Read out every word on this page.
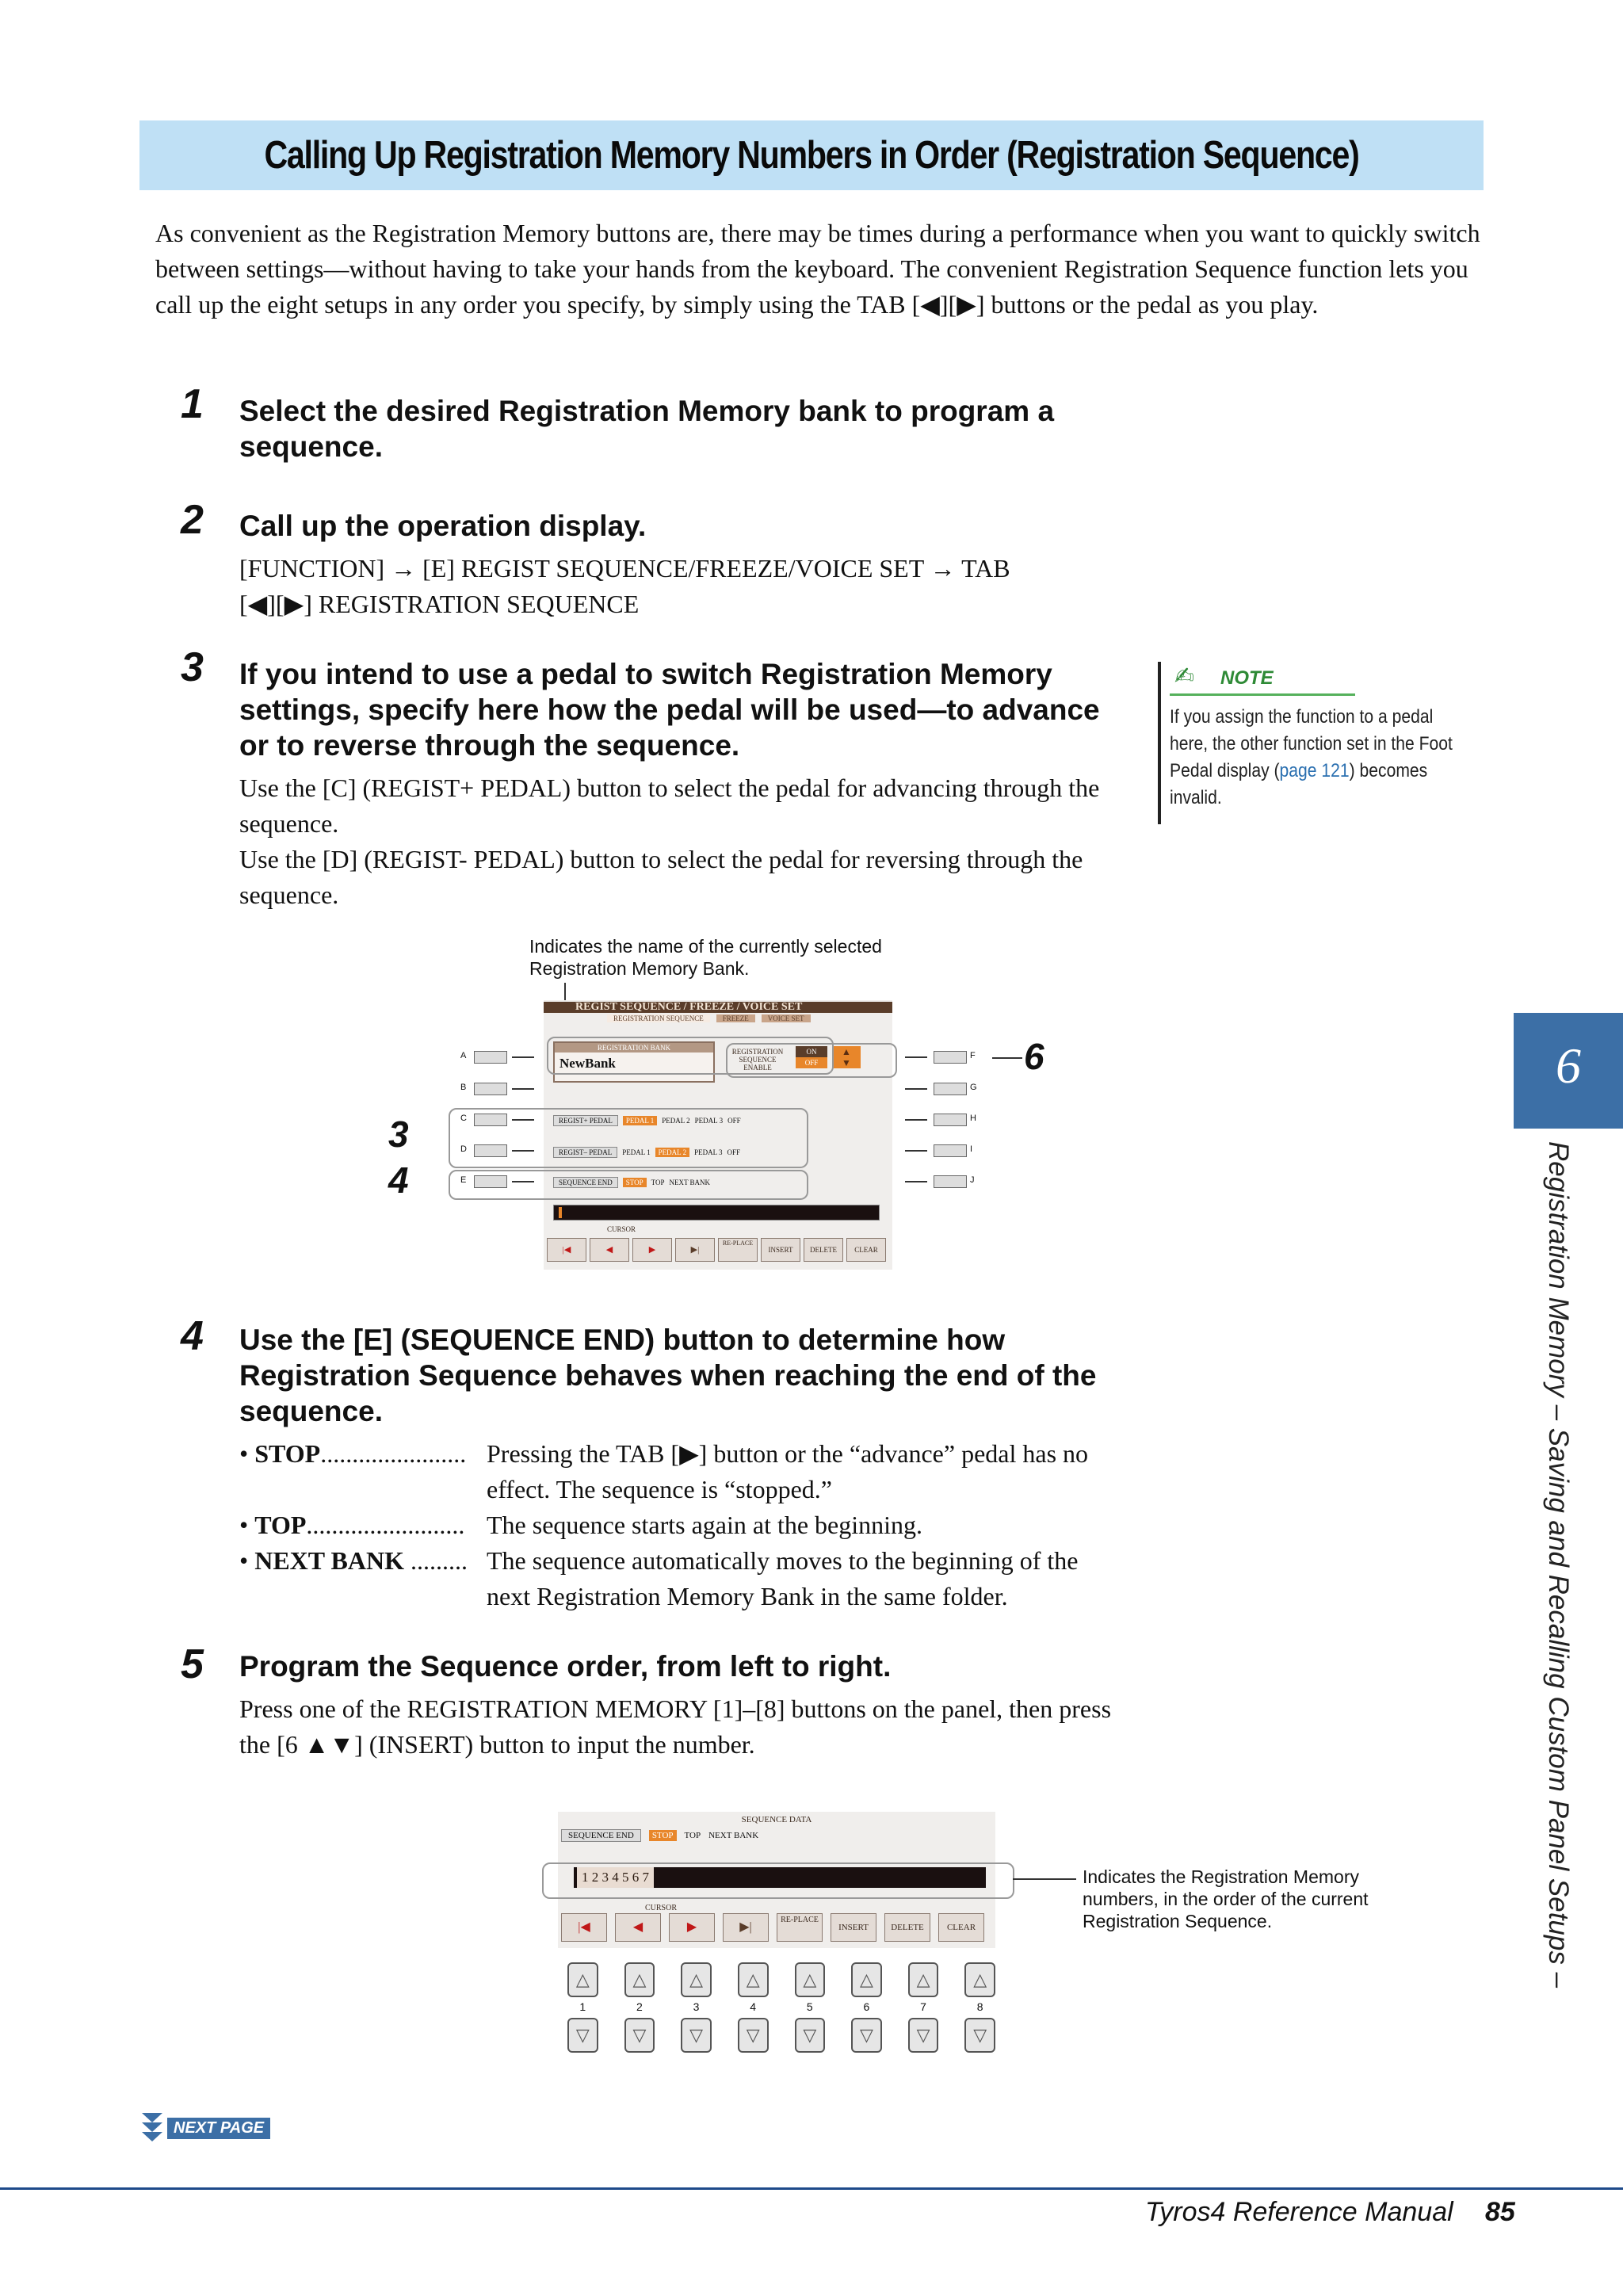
Calling Up Registration Memory Numbers in Order (Registration Sequence)
As convenient as the Registration Memory buttons are, there may be times during a performance when you want to quickly switch between settings—without having to take your hands from the keyboard. The convenient Registration Sequence function lets you call up the eight setups in any order you specify, by simply using the TAB [◀][▶] buttons or the pedal as you play.
1 Select the desired Registration Memory bank to program a sequence.
2 Call up the operation display.
[FUNCTION] → [E] REGIST SEQUENCE/FREEZE/VOICE SET → TAB
[◀][▶] REGISTRATION SEQUENCE
3 If you intend to use a pedal to switch Registration Memory settings, specify here how the pedal will be used—to advance or to reverse through the sequence.
Use the [C] (REGIST+ PEDAL) button to select the pedal for advancing through the sequence.
Use the [D] (REGIST- PEDAL) button to select the pedal for reversing through the sequence.
✍ NOTE
If you assign the function to a pedal here, the other function set in the Foot Pedal display (page 121) becomes invalid.
Indicates the name of the currently selected Registration Memory Bank.
A
B
C
D
E
REGIST SEQUENCE / FREEZE / VOICE SET
REGISTRATION SEQUENCE	FREEZE	VOICE SET
REGISTRATION BANK
NewBank
REGISTRATION SEQUENCE ENABLE
ON
OFF
▲
▼
REGIST+ PEDAL	PEDAL 1	PEDAL 2 PEDAL 3 OFF
REGIST– PEDAL	PEDAL 1	PEDAL 2	PEDAL 3 OFF
SEQUENCE END	STOP	TOP NEXT BANK
CURSOR
|◀	◀	▶	▶|
RE-PLACE
INSERT	DELETE	CLEAR
F
G
H
I
J
3
4
6
4 Use the [E] (SEQUENCE END) button to determine how Registration Sequence behaves when reaching the end of the sequence.
• STOP....................... Pressing the TAB [▶] button or the “advance” pedal has no
effect. The sequence is “stopped.”
• TOP......................... The sequence starts again at the beginning.
• NEXT BANK ......... The sequence automatically moves to the beginning of the
next Registration Memory Bank in the same folder.
5 Program the Sequence order, from left to right.
Press one of the REGISTRATION MEMORY [1]–[8] buttons on the panel, then press the [6 ▲▼] (INSERT) button to input the number.
SEQUENCE DATA
SEQUENCE END	STOP	TOP NEXT BANK
1 2 3 4 5 6 7
CURSOR
|◀	◀	▶	▶|
RE-PLACE
INSERT	DELETE	CLEAR
Indicates the Registration Memory numbers, in the order of the current Registration Sequence.
△	△	△	△	△	△	△	△
1	2	3	4	5	6	7	8
▽	▽	▽	▽	▽	▽	▽	▽
6
Registration Memory – Saving and Recalling Custom Panel Setups –
NEXT PAGE
Tyros4 Reference Manual 85
